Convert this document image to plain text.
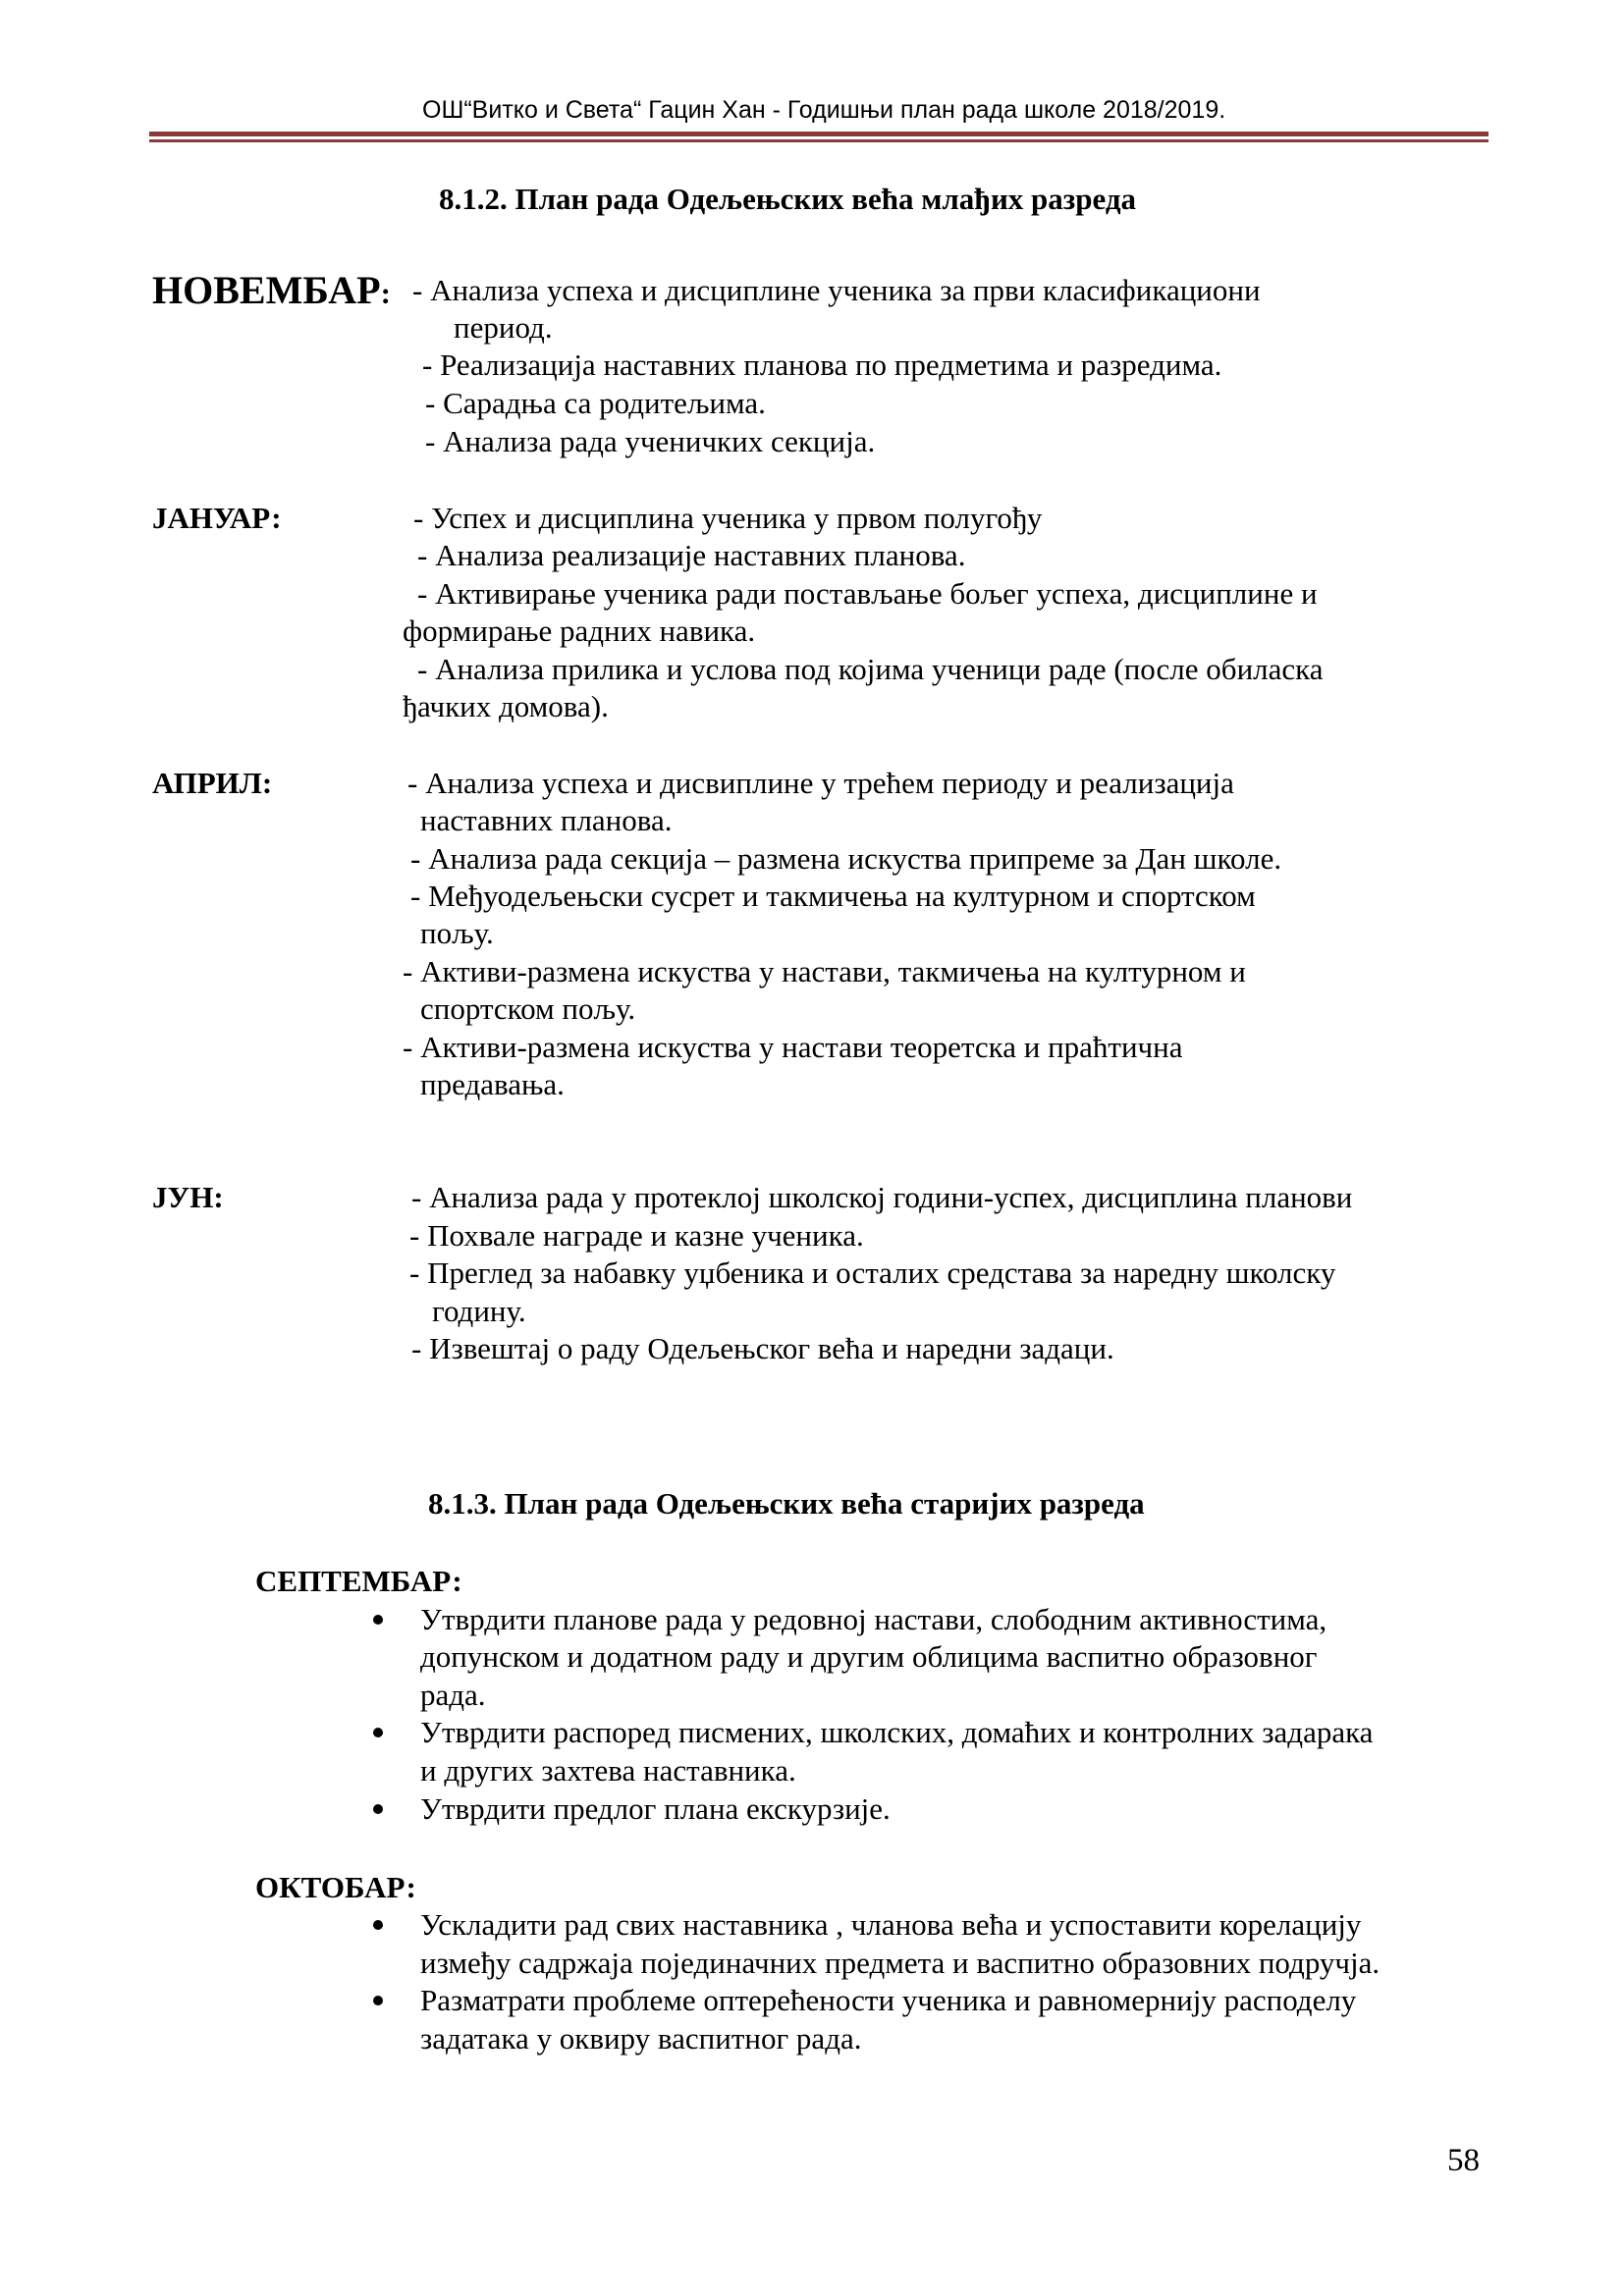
ОШ“Витко и Света“ Гацин Хан - Годишњи план рада школе 2018/2019.
8.1.2. План рада Одељењских већа млађих разреда
НОВЕМБАР: - Анализа успеха и дисциплине ученика за први класификациони
период.
- Реализација наставних планова по предметима и разредима.
- Сарадња са родитељима.
- Анализа рада ученичких секција.
ЈАНУАР:	- Успех и дисциплина ученика у првом полугођу
- Анализа реализације наставних планова.
- Активирање ученика ради постављање бољег успеха, дисциплине и
формирање радних навика.
- Анализа прилика и услова под којима ученици раде (после обиласка
ђачких домова).
АПРИЛ:	- Анализа успеха и дисвиплине у трећем периоду и реализација
наставних планова.
- Анализа рада секција – размена искуства припреме за Дан школе.
- Међуодељењски сусрет и такмичења на културном и спортском
пољу.
- Активи-размена искуства у настави, такмичења на културном и
спортском пољу.
- Активи-размена искуства у настави теоретска и праћтична
предавања.
ЈУН:	- Анализа рада у протеклој школској години-успех, дисциплина планови
- Похвале награде и казне ученика.
- Преглед за набавку уџбеника и осталих средстава за наредну школску
годину.
- Извештај о раду Одељењског већа и наредни задаци.
8.1.3. План рада Одељењских већа старијих разреда
СЕПТЕМБАР:
Утврдити планове рада у редовној настави, слободним активностима,
допунском и додатном раду и другим облицима васпитно образовног
рада.
Утврдити распоред писмених, школских, домаћих и контролних задарака
и других захтева наставника.
Утврдити предлог плана екскурзије.
ОКТОБАР:
Ускладити рад свих наставника , чланова већа и успоставити корелацију
између садржаја појединачних предмета и васпитно образовних подручја.
Разматрати проблеме оптерећености ученика и равномернију расподелу
задатака у оквиру васпитног рада.
58
